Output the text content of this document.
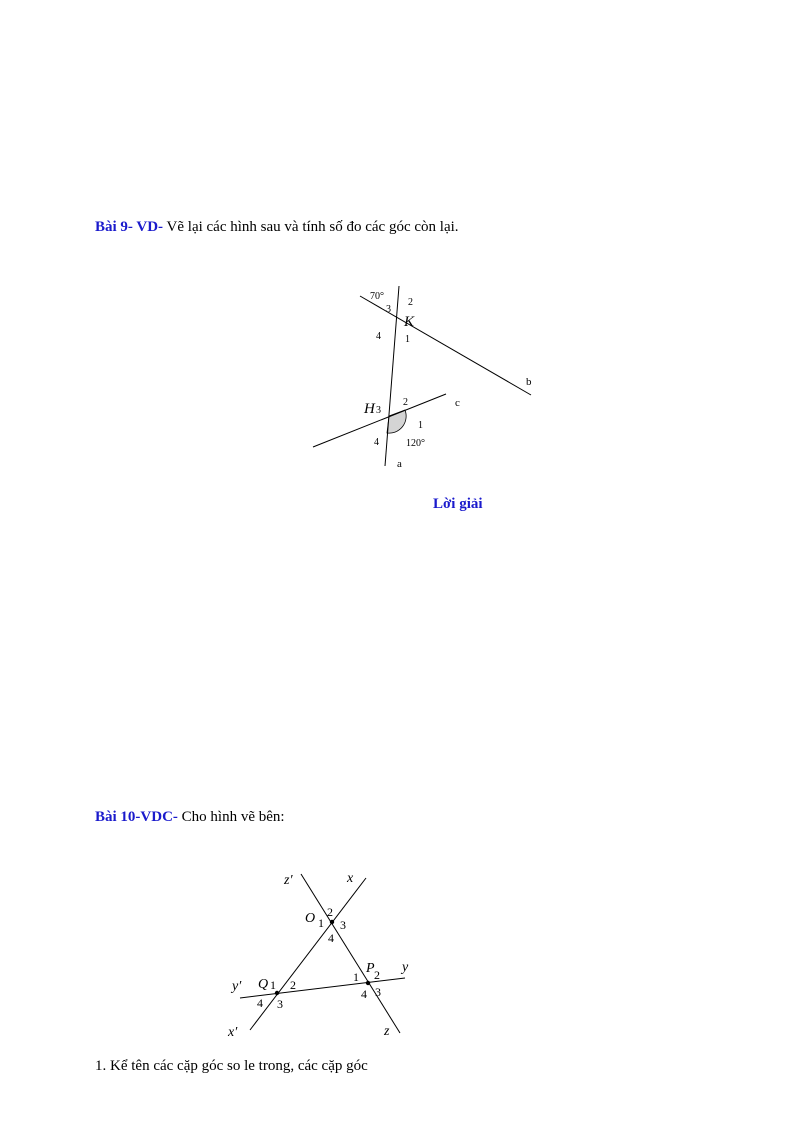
Bài 9- VD- Vẽ lại các hình sau và tính số đo các góc còn lại.
70°
3
2
K
4 1
b
H 3
2	c
1
4	120°
a
Lời giải
Bài 10-VDC- Cho hình vẽ bên:
z′	x
O
y′ Q
P y
x′	z
1
2
3
4
1 2
3
4
1 2
3
4
1. Kể tên các cặp góc so le trong, các cặp góc
